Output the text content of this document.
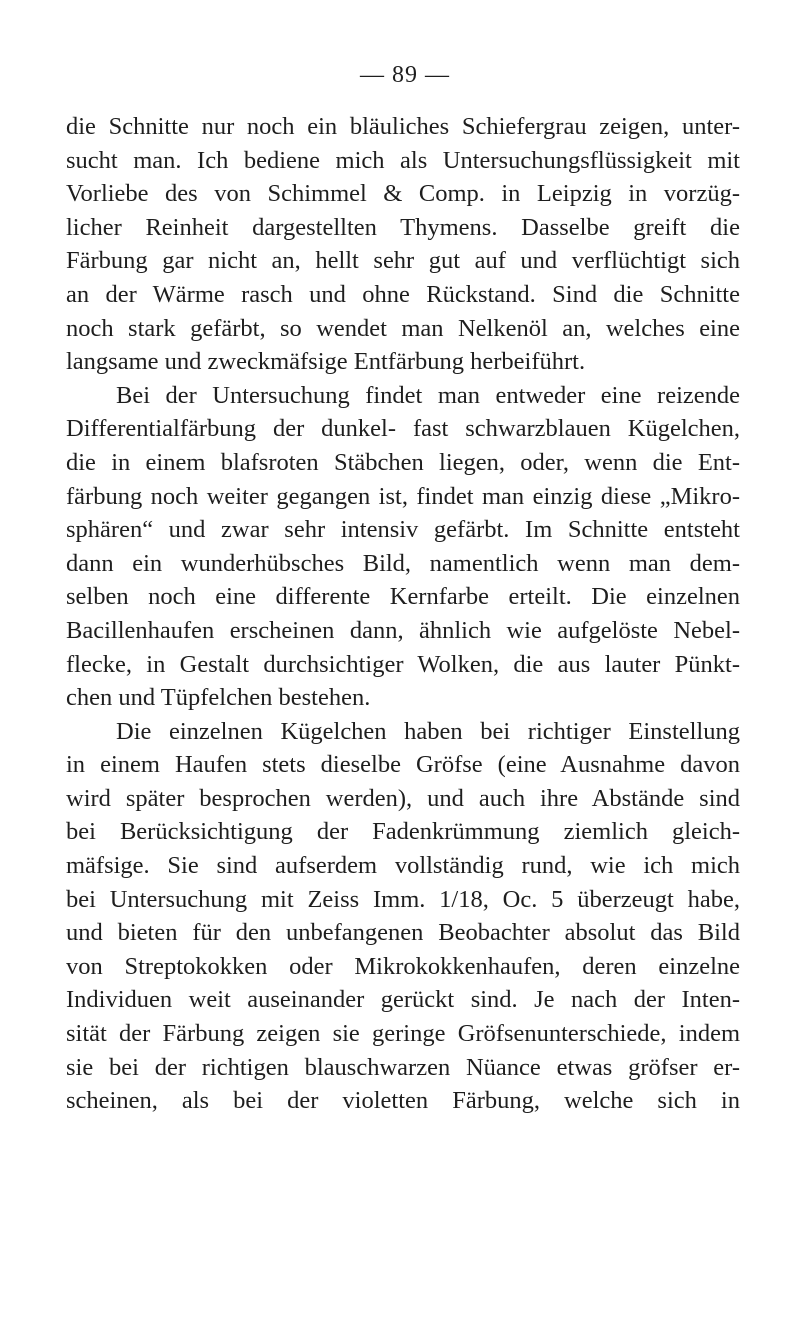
— 89 —
die Schnitte nur noch ein bläuliches Schiefergrau zeigen, unter-
sucht man. Ich bediene mich als Untersuchungsflüssigkeit mit
Vorliebe des von Schimmel & Comp. in Leipzig in vorzüg-
licher Reinheit dargestellten Thymens. Dasselbe greift die
Färbung gar nicht an, hellt sehr gut auf und verflüchtigt sich
an der Wärme rasch und ohne Rückstand. Sind die Schnitte
noch stark gefärbt, so wendet man Nelkenöl an, welches eine
langsame und zweckmäfsige Entfärbung herbeiführt.
Bei der Untersuchung findet man entweder eine reizende
Differentialfärbung der dunkel- fast schwarzblauen Kügelchen,
die in einem blafsroten Stäbchen liegen, oder, wenn die Ent-
färbung noch weiter gegangen ist, findet man einzig diese „Mikro-
sphären“ und zwar sehr intensiv gefärbt. Im Schnitte entsteht
dann ein wunderhübsches Bild, namentlich wenn man dem-
selben noch eine differente Kernfarbe erteilt. Die einzelnen
Bacillenhaufen erscheinen dann, ähnlich wie aufgelöste Nebel-
flecke, in Gestalt durchsichtiger Wolken, die aus lauter Pünkt-
chen und Tüpfelchen bestehen.
Die einzelnen Kügelchen haben bei richtiger Einstellung
in einem Haufen stets dieselbe Gröfse (eine Ausnahme davon
wird später besprochen werden), und auch ihre Abstände sind
bei Berücksichtigung der Fadenkrümmung ziemlich gleich-
mäfsige. Sie sind aufserdem vollständig rund, wie ich mich
bei Untersuchung mit Zeiss Imm. 1/18, Oc. 5 überzeugt habe,
und bieten für den unbefangenen Beobachter absolut das Bild
von Streptokokken oder Mikrokokkenhaufen, deren einzelne
Individuen weit auseinander gerückt sind. Je nach der Inten-
sität der Färbung zeigen sie geringe Gröfsenunterschiede, indem
sie bei der richtigen blauschwarzen Nüance etwas gröfser er-
scheinen, als bei der violetten Färbung, welche sich in
